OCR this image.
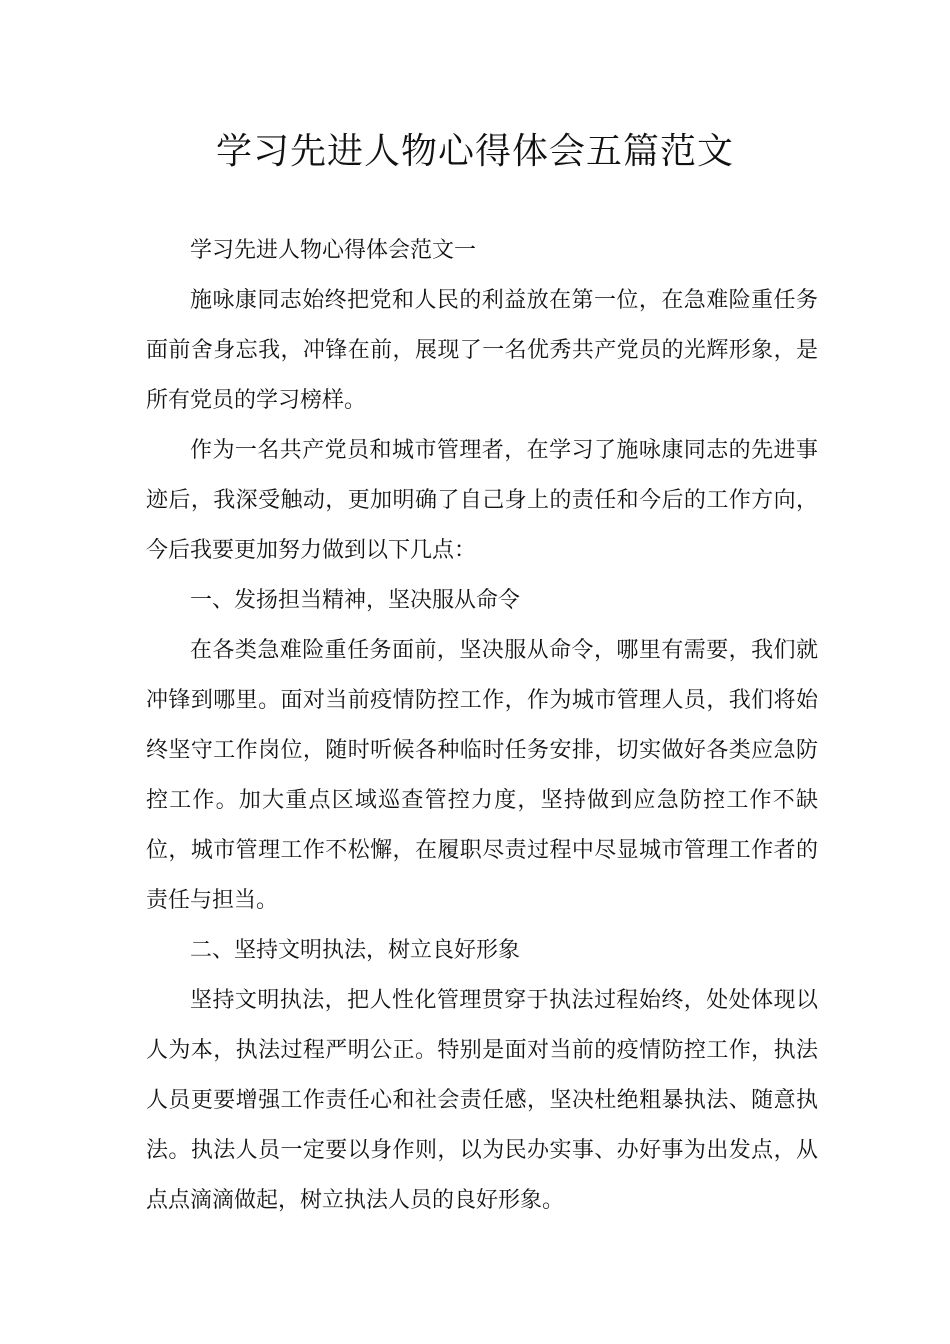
学习先进人物心得体会五篇范文

学习先进人物心得体会范文一

施咏康同志始终把党和人民的利益放在第一位，在急难险重任务面前舍身忘我，冲锋在前，展现了一名优秀共产党员的光辉形象，是所有党员的学习榜样。

作为一名共产党员和城市管理者，在学习了施咏康同志的先进事迹后，我深受触动，更加明确了自己身上的责任和今后的工作方向，今后我要更加努力做到以下几点：

一、发扬担当精神，坚决服从命令

在各类急难险重任务面前，坚决服从命令，哪里有需要，我们就冲锋到哪里。面对当前疫情防控工作，作为城市管理人员，我们将始终坚守工作岗位，随时听候各种临时任务安排，切实做好各类应急防控工作。加大重点区域巡查管控力度，坚持做到应急防控工作不缺位，城市管理工作不松懈，在履职尽责过程中尽显城市管理工作者的责任与担当。

二、坚持文明执法，树立良好形象

坚持文明执法，把人性化管理贯穿于执法过程始终，处处体现以人为本，执法过程严明公正。特别是面对当前的疫情防控工作，执法人员更要增强工作责任心和社会责任感，坚决杜绝粗暴执法、随意执法。执法人员一定要以身作则，以为民办实事、办好事为出发点，从点点滴滴做起，树立执法人员的良好形象。
